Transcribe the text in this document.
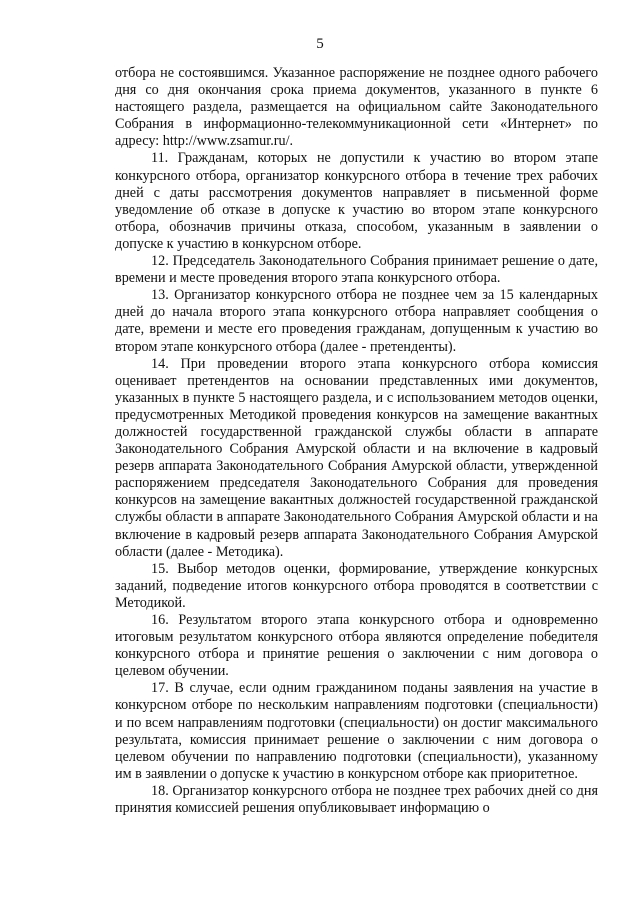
5

отбора не состоявшимся. Указанное распоряжение не позднее одного рабочего дня со дня окончания срока приема документов, указанного в пункте 6 настоящего раздела, размещается на официальном сайте Законодательного Собрания в информационно-телекоммуникационной сети «Интернет» по адресу: http://www.zsamur.ru/.

11. Гражданам, которых не допустили к участию во втором этапе конкурсного отбора, организатор конкурсного отбора в течение трех рабочих дней с даты рассмотрения документов направляет в письменной форме уведомление об отказе в допуске к участию во втором этапе конкурсного отбора, обозначив причины отказа, способом, указанным в заявлении о допуске к участию в конкурсном отборе.

12. Председатель Законодательного Собрания принимает решение о дате, времени и месте проведения второго этапа конкурсного отбора.

13. Организатор конкурсного отбора не позднее чем за 15 календарных дней до начала второго этапа конкурсного отбора направляет сообщения о дате, времени и месте его проведения гражданам, допущенным к участию во втором этапе конкурсного отбора (далее - претенденты).

14. При проведении второго этапа конкурсного отбора комиссия оценивает претендентов на основании представленных ими документов, указанных в пункте 5 настоящего раздела, и с использованием методов оценки, предусмотренных Методикой проведения конкурсов на замещение вакантных должностей государственной гражданской службы области в аппарате Законодательного Собрания Амурской области и на включение в кадровый резерв аппарата Законодательного Собрания Амурской области, утвержденной распоряжением председателя Законодательного Собрания для проведения конкурсов на замещение вакантных должностей государственной гражданской службы области в аппарате Законодательного Собрания Амурской области и на включение в кадровый резерв аппарата Законодательного Собрания Амурской области (далее - Методика).

15. Выбор методов оценки, формирование, утверждение конкурсных заданий, подведение итогов конкурсного отбора проводятся в соответствии с Методикой.

16. Результатом второго этапа конкурсного отбора и одновременно итоговым результатом конкурсного отбора являются определение победителя конкурсного отбора и принятие решения о заключении с ним договора о целевом обучении.

17. В случае, если одним гражданином поданы заявления на участие в конкурсном отборе по нескольким направлениям подготовки (специальности) и по всем направлениям подготовки (специальности) он достиг максимального результата, комиссия принимает решение о заключении с ним договора о целевом обучении по направлению подготовки (специальности), указанному им в заявлении о допуске к участию в конкурсном отборе как приоритетное.

18. Организатор конкурсного отбора не позднее трех рабочих дней со дня принятия комиссией решения опубликовывает информацию о
